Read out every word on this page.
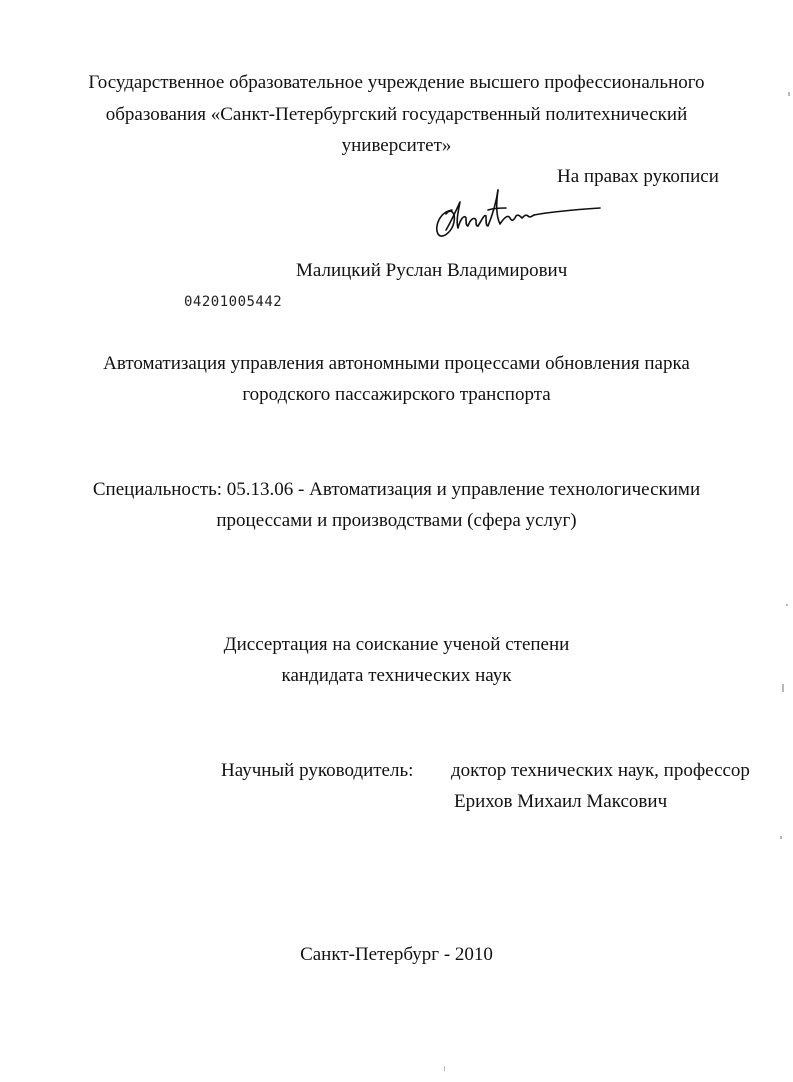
Государственное образовательное учреждение высшего профессионального
образования «Санкт-Петербургский государственный политехнический
университет»
На правах рукописи
Малицкий Руслан Владимирович
04201005442
Автоматизация управления автономными процессами обновления парка
городского пассажирского транспорта
Специальность: 05.13.06 - Автоматизация и управление технологическими
процессами и производствами (сфера услуг)
Диссертация на соискание ученой степени
кандидата технических наук
Научный руководитель: доктор технических наук, профессор
Ерихов Михаил Максович
Санкт-Петербург - 2010
